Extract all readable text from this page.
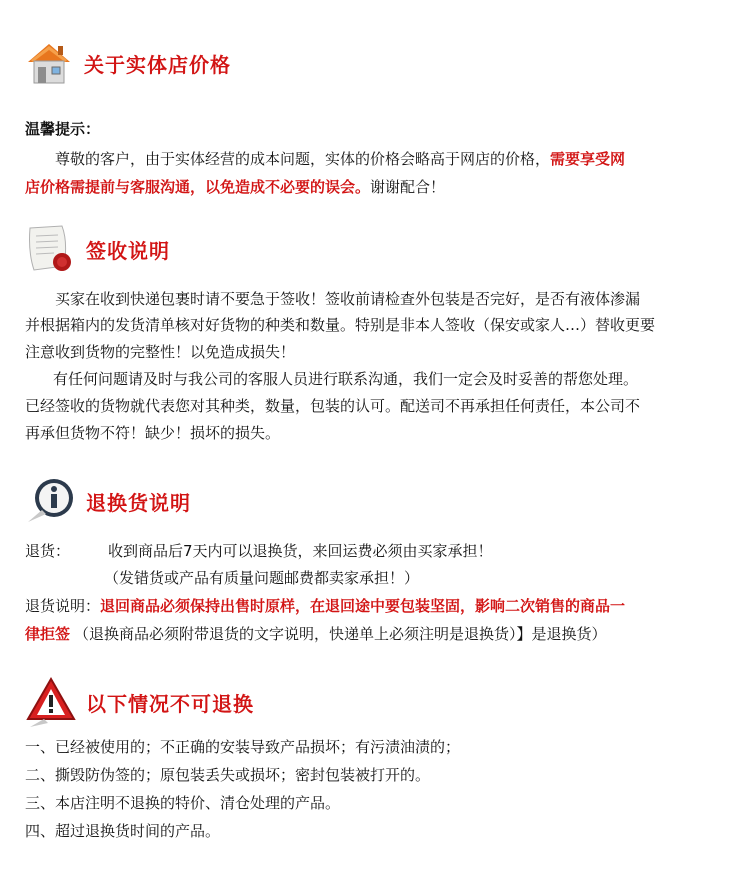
关于实体店价格
温馨提示：
尊敬的客户，由于实体经营的成本问题，实体的价格会略高于网店的价格，需要享受网
店价格需提前与客服沟通，以免造成不必要的误会。谢谢配合！
签收说明
买家在收到快递包裹时请不要急于签收！签收前请检查外包装是否完好，是否有液体渗漏
并根据箱内的发货清单核对好货物的种类和数量。特别是非本人签收（保安或家人…）替收更要
注意收到货物的完整性！以免造成损失！
有任何问题请及时与我公司的客服人员进行联系沟通，我们一定会及时妥善的帮您处理。
已经签收的货物就代表您对其种类，数量，包装的认可。配送司不再承担任何责任，本公司不
再承但货物不符！缺少！损坏的损失。
退换货说明
退货：	收到商品后7天内可以退换货，来回运费必须由买家承担！
（发错货或产品有质量问题邮费都卖家承担！）
退货说明：退回商品必须保持出售时原样，在退回途中要包装坚固，影响二次销售的商品一
律拒签 （退换商品必须附带退货的文字说明，快递单上必须注明是退换货）】是退换货）
以下情况不可退换
一、已经被使用的；不正确的安装导致产品损坏；有污渍油渍的；
二、撕毁防伪签的；原包装丢失或损坏；密封包装被打开的。
三、本店注明不退换的特价、清仓处理的产品。
四、超过退换货时间的产品。
